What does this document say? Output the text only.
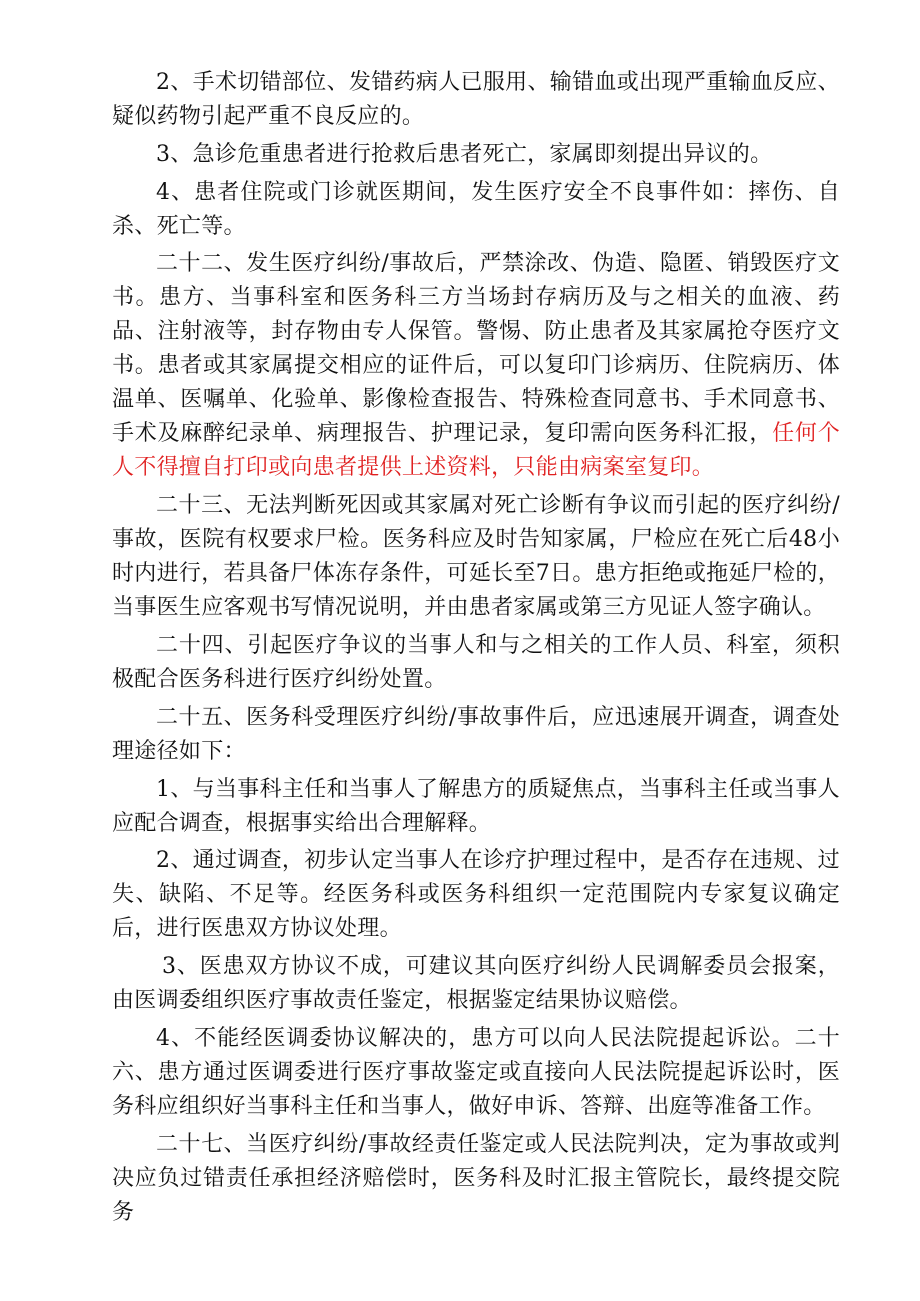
2、手术切错部位、发错药病人已服用、输错血或出现严重输血反应、疑似药物引起严重不良反应的。

3、急诊危重患者进行抢救后患者死亡，家属即刻提出异议的。

4、患者住院或门诊就医期间，发生医疗安全不良事件如：摔伤、自杀、死亡等。

二十二、发生医疗纠纷/事故后，严禁涂改、伪造、隐匿、销毁医疗文书。患方、当事科室和医务科三方当场封存病历及与之相关的血液、药品、注射液等，封存物由专人保管。警惕、防止患者及其家属抢夺医疗文书。患者或其家属提交相应的证件后，可以复印门诊病历、住院病历、体温单、医嘱单、化验单、影像检查报告、特殊检查同意书、手术同意书、手术及麻醉纪录单、病理报告、护理记录，复印需向医务科汇报，任何个人不得擅自打印或向患者提供上述资料，只能由病案室复印。

二十三、无法判断死因或其家属对死亡诊断有争议而引起的医疗纠纷/事故，医院有权要求尸检。医务科应及时告知家属，尸检应在死亡后48小时内进行，若具备尸体冻存条件，可延长至7日。患方拒绝或拖延尸检的，当事医生应客观书写情况说明，并由患者家属或第三方见证人签字确认。

二十四、引起医疗争议的当事人和与之相关的工作人员、科室，须积极配合医务科进行医疗纠纷处置。

二十五、医务科受理医疗纠纷/事故事件后，应迅速展开调查，调查处理途径如下：

1、与当事科主任和当事人了解患方的质疑焦点，当事科主任或当事人应配合调查，根据事实给出合理解释。

2、通过调查，初步认定当事人在诊疗护理过程中，是否存在违规、过失、缺陷、不足等。经医务科或医务科组织一定范围院内专家复议确定后，进行医患双方协议处理。

3、医患双方协议不成，可建议其向医疗纠纷人民调解委员会报案，由医调委组织医疗事故责任鉴定，根据鉴定结果协议赔偿。

4、不能经医调委协议解决的，患方可以向人民法院提起诉讼。二十六、患方通过医调委进行医疗事故鉴定或直接向人民法院提起诉讼时，医务科应组织好当事科主任和当事人，做好申诉、答辩、出庭等准备工作。

二十七、当医疗纠纷/事故经责任鉴定或人民法院判决，定为事故或判决应负过错责任承担经济赔偿时，医务科及时汇报主管院长，最终提交院务
